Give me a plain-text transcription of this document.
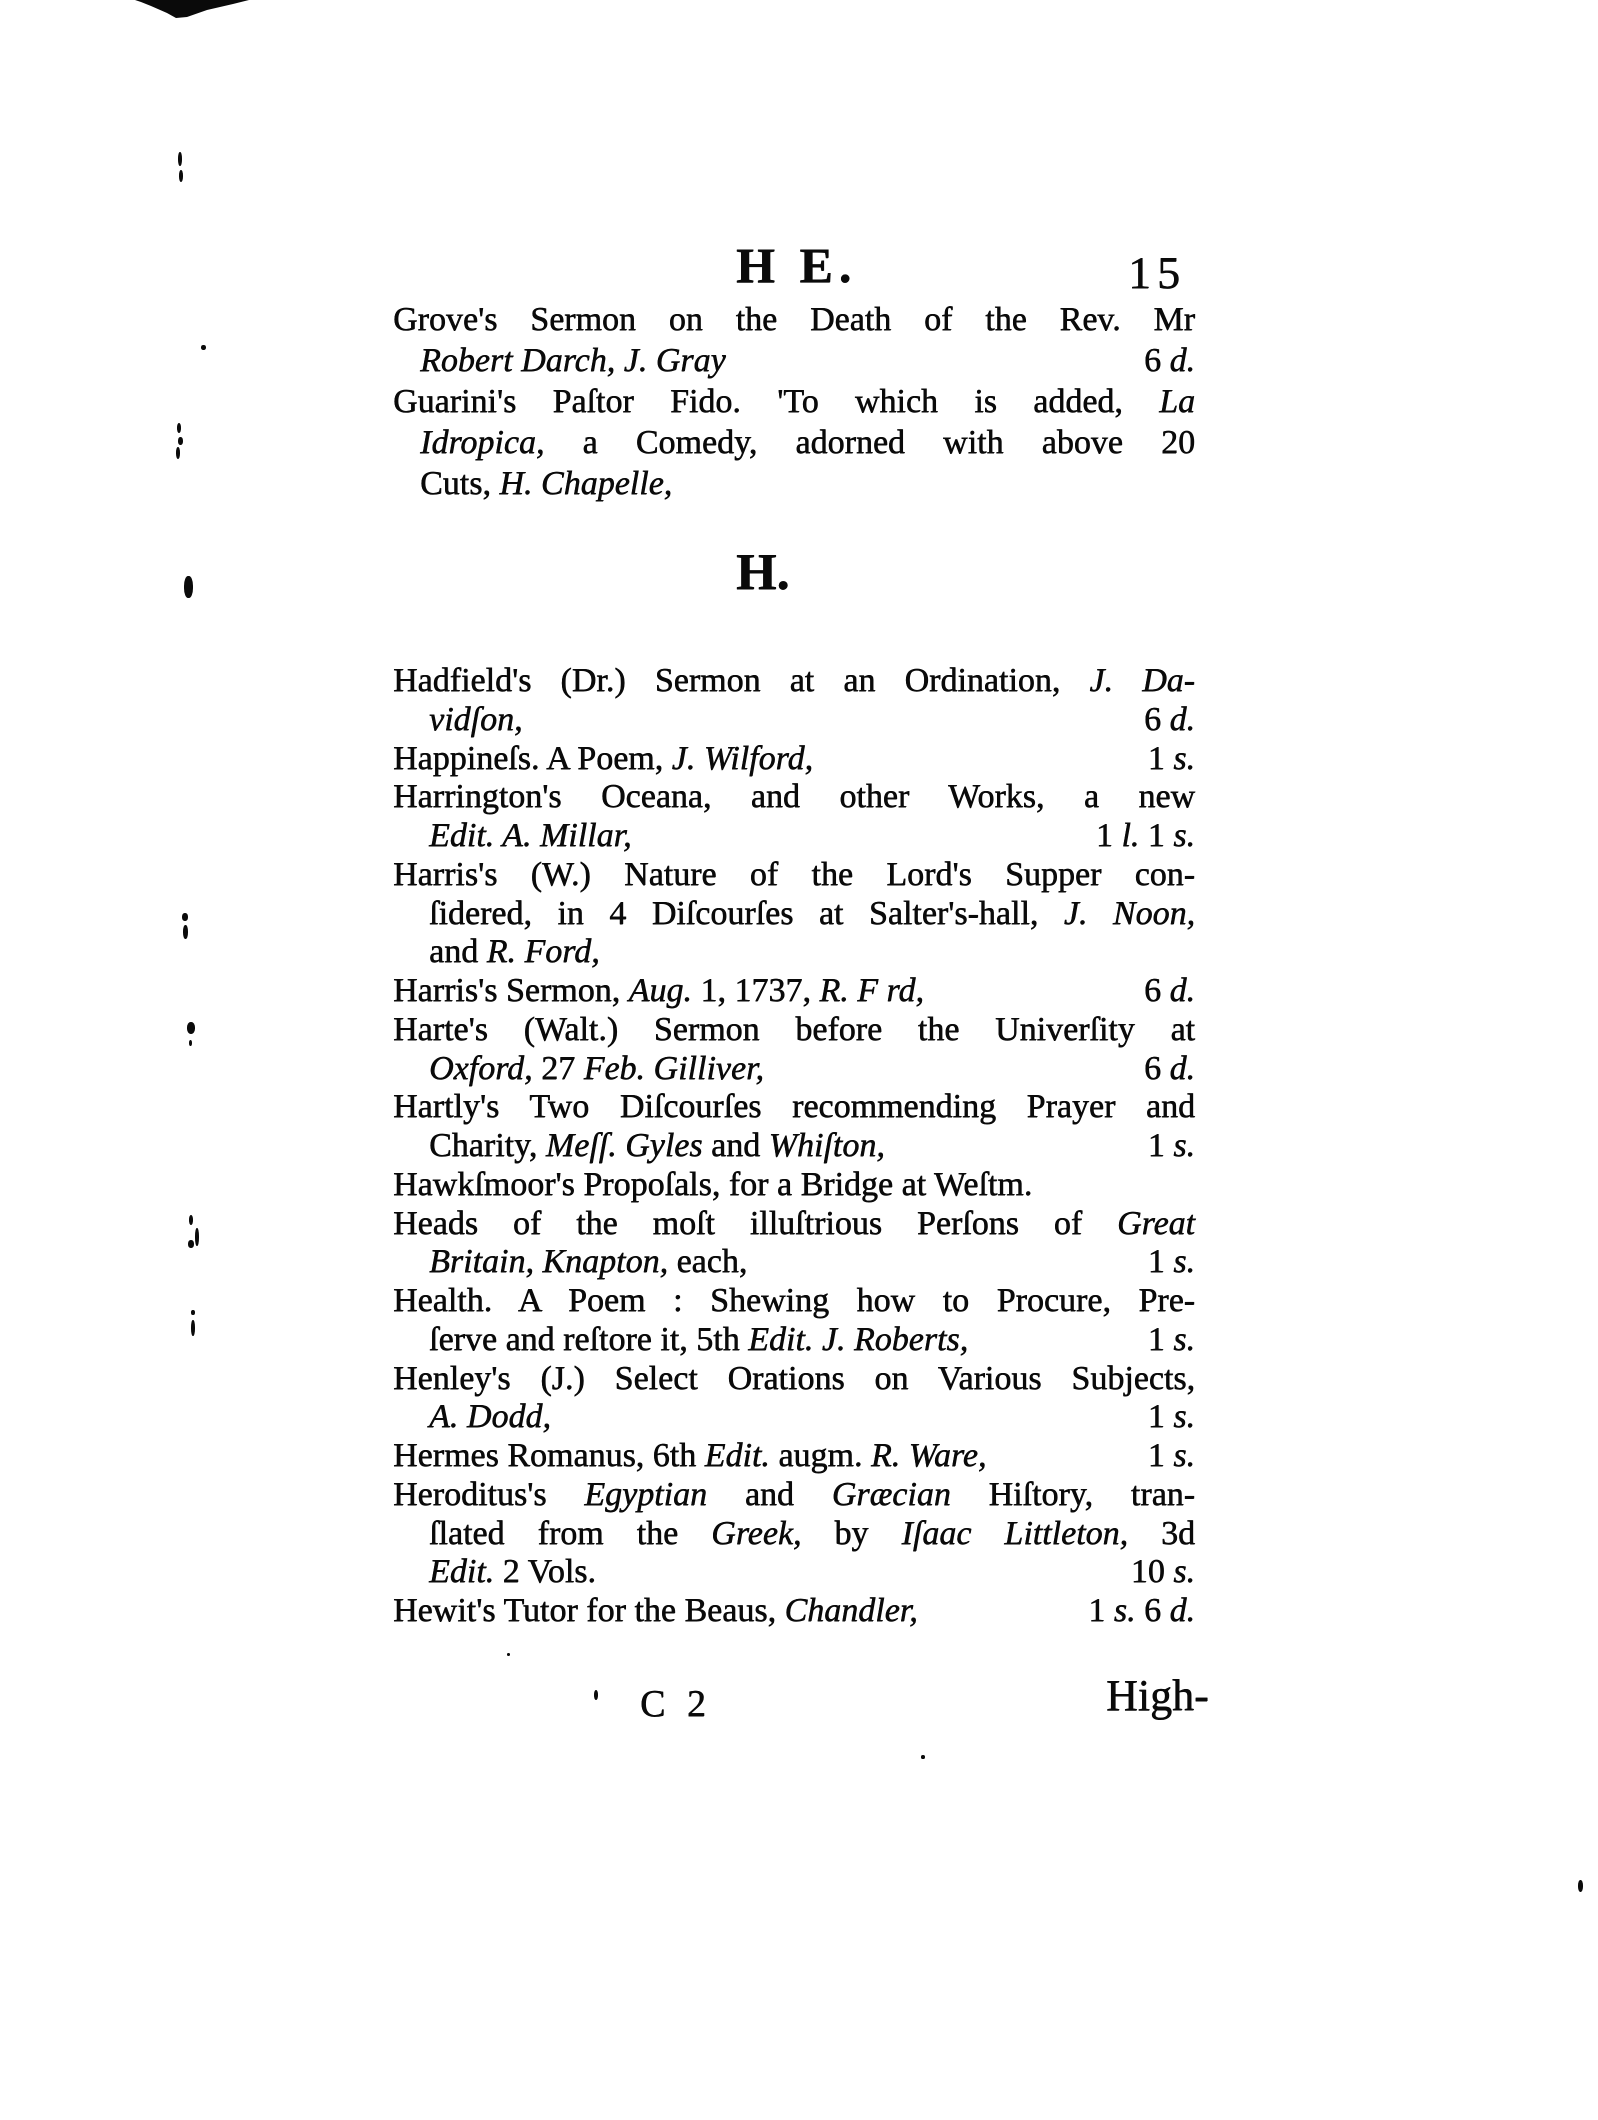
H E.	15
Grove's Sermon on the Death of the Rev. Mr
Robert Darch, J. Gray	6 d.
Guarini's Paſtor Fido. 'To which is added, La
Idropica, a Comedy, adorned with above 20
Cuts, H. Chapelle,
H.
Hadfield's (Dr.) Sermon at an Ordination, J. Da-
vidſon,	6 d.
Happineſs. A Poem, J. Wilford,	1 s.
Harrington's Oceana, and other Works, a new
Edit. A. Millar,	1 l. 1 s.
Harris's (W.) Nature of the Lord's Supper con-
ſidered, in 4 Diſcourſes at Salter's-hall, J. Noon,
and R. Ford,
Harris's Sermon, Aug. 1, 1737, R. F rd,	6 d.
Harte's (Walt.) Sermon before the Univerſity at
Oxford, 27 Feb. Gilliver,	6 d.
Hartly's Two Diſcourſes recommending Prayer and
Charity, Meſſ. Gyles and Whiſton,	1 s.
Hawkſmoor's Propoſals, for a Bridge at Weſtm.
Heads of the moſt illuſtrious Perſons of Great
Britain, Knapton, each,	1 s.
Health. A Poem : Shewing how to Procure, Pre-
ſerve and reſtore it, 5th Edit. J. Roberts,	1 s.
Henley's (J.) Select Orations on Various Subjects,
A. Dodd,	1 s.
Hermes Romanus, 6th Edit. augm. R. Ware,	1 s.
Heroditus's Egyptian and Græcian Hiſtory, tran-
ſlated from the Greek, by Iſaac Littleton, 3d
Edit. 2 Vols.	10 s.
Hewit's Tutor for the Beaus, Chandler,	1 s. 6 d.
C 2	High-
